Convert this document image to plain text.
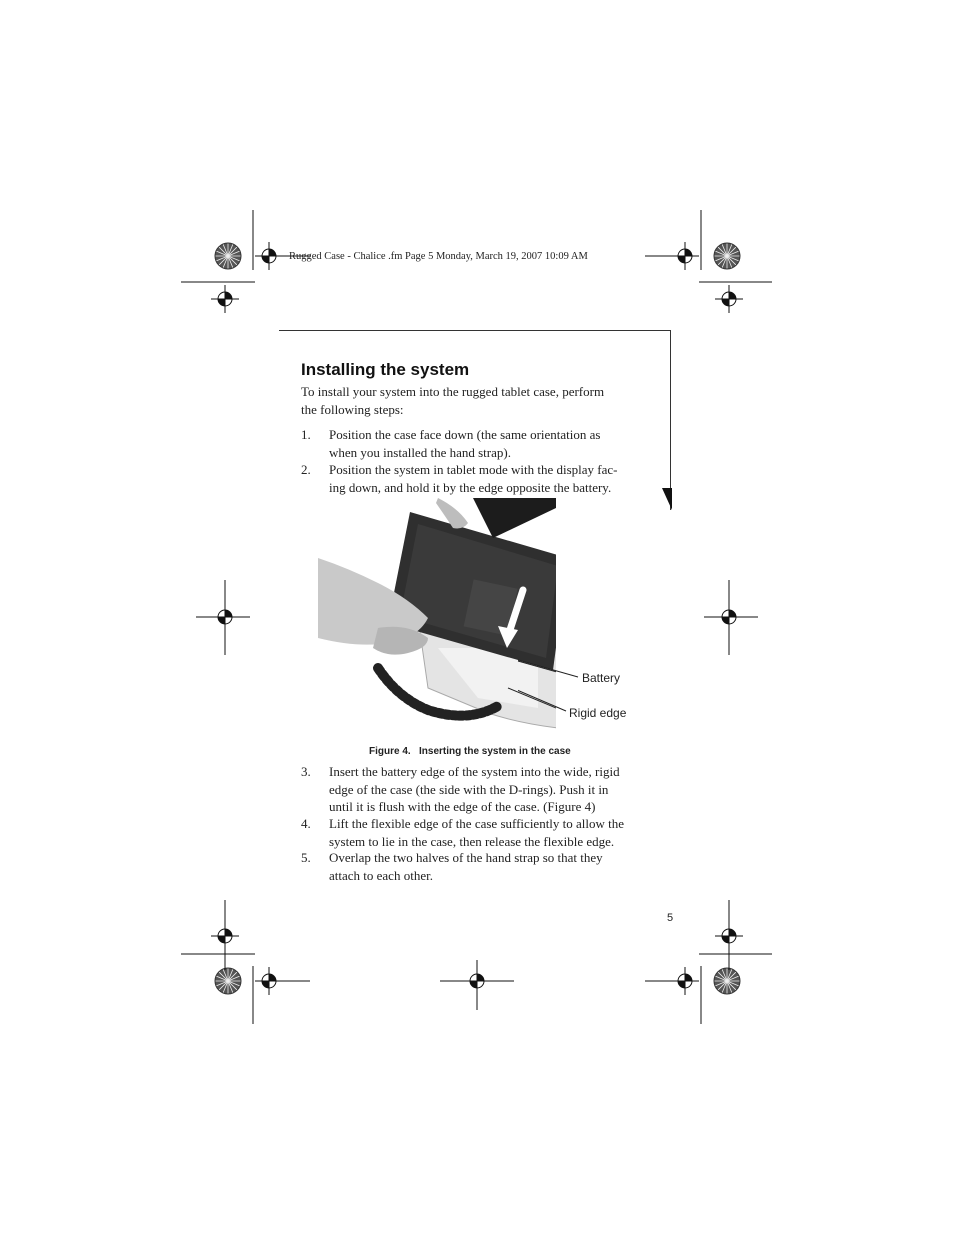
Rugged Case - Chalice .fm Page 5 Monday, March 19, 2007 10:09 AM
Installing the system
To install your system into the rugged tablet case, perform
the following steps:
1. Position the case face down (the same orientation as
when you installed the hand strap).
2. Position the system in tablet mode with the display fac-
ing down, and hold it by the edge opposite the battery.
Battery
Rigid edge
Figure 4.   Inserting the system in the case
3. Insert the battery edge of the system into the wide, rigid
edge of the case (the side with the D-rings). Push it in
until it is flush with the edge of the case. (Figure 4)
4. Lift the flexible edge of the case sufficiently to allow the
system to lie in the case, then release the flexible edge.
5. Overlap the two halves of the hand strap so that they
attach to each other.
5
